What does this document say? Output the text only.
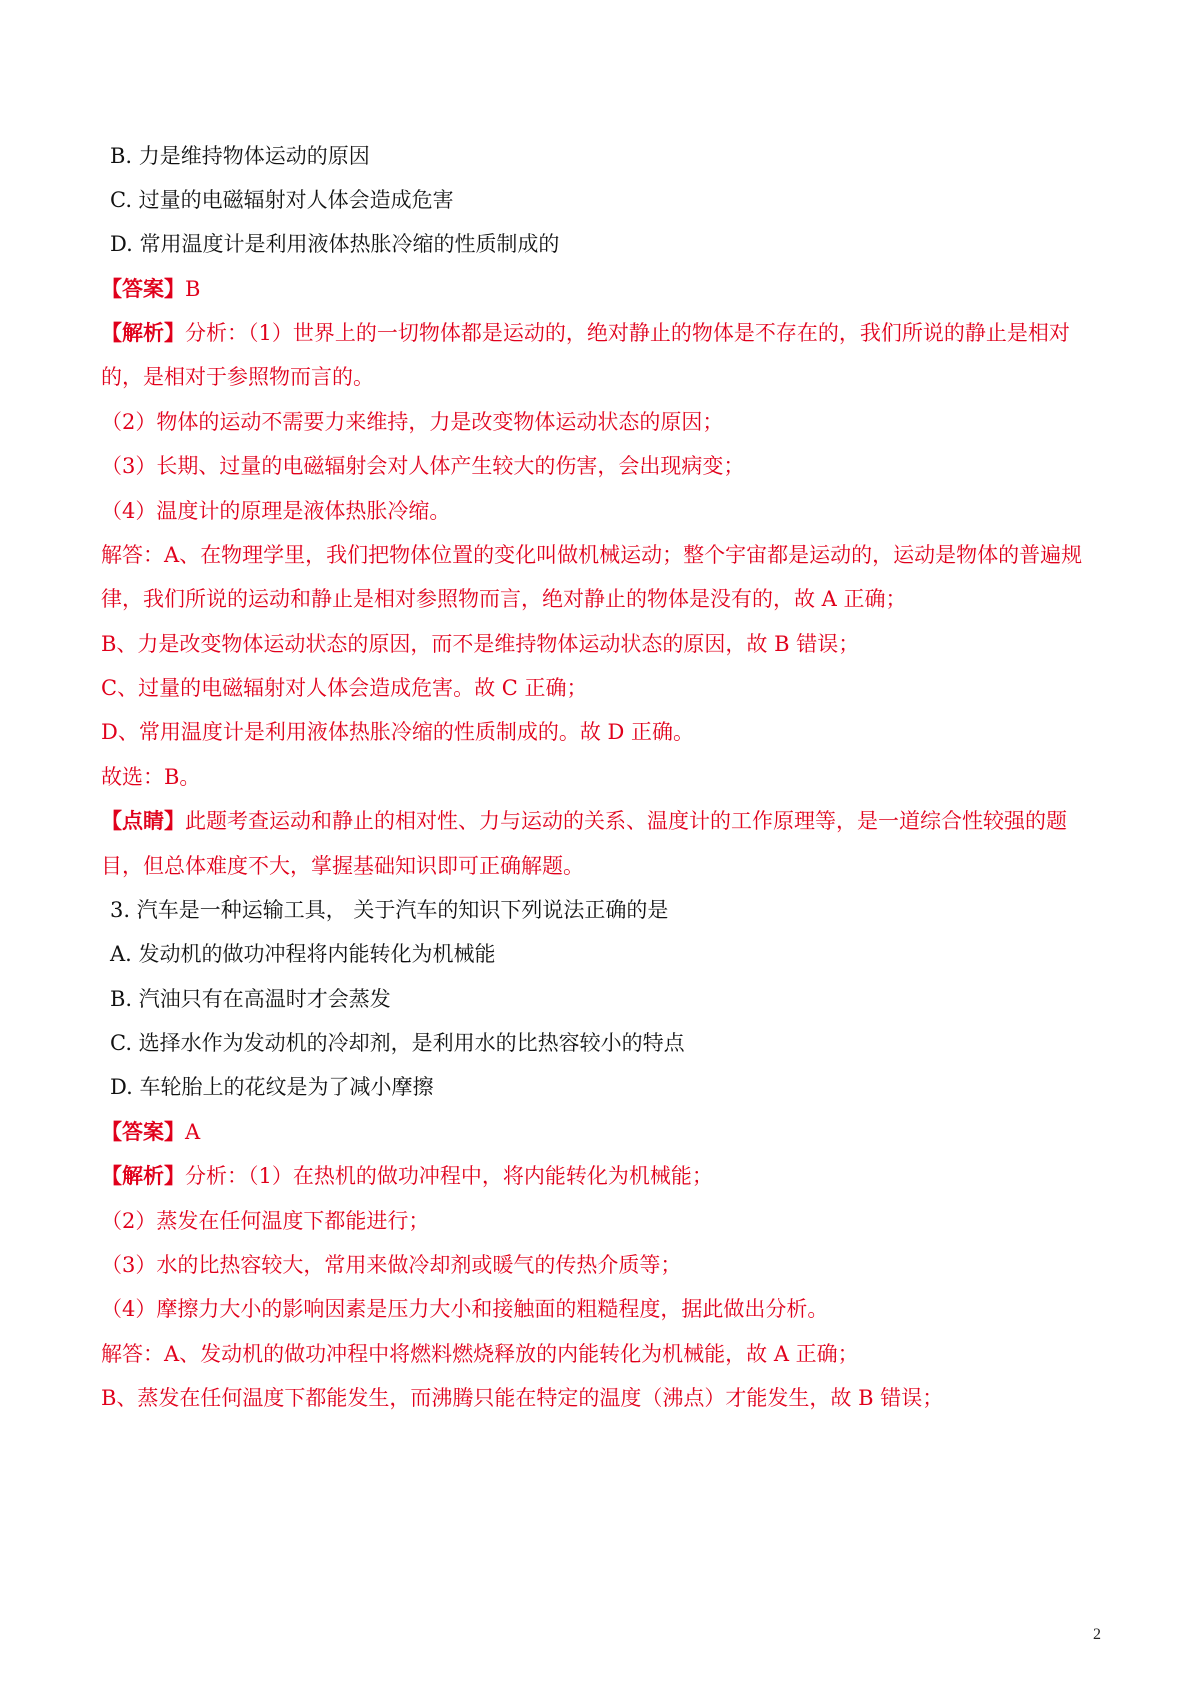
B. 力是维持物体运动的原因
C. 过量的电磁辐射对人体会造成危害
D. 常用温度计是利用液体热胀冷缩的性质制成的
【答案】B
【解析】分析：（1）世界上的一切物体都是运动的，绝对静止的物体是不存在的，我们所说的静止是相对
的，是相对于参照物而言的。
（2）物体的运动不需要力来维持，力是改变物体运动状态的原因；
（3）长期、过量的电磁辐射会对人体产生较大的伤害，会出现病变；
（4）温度计的原理是液体热胀冷缩。
解答：A、在物理学里，我们把物体位置的变化叫做机械运动；整个宇宙都是运动的，运动是物体的普遍规
律，我们所说的运动和静止是相对参照物而言，绝对静止的物体是没有的，故 A 正确；
B、力是改变物体运动状态的原因，而不是维持物体运动状态的原因，故 B 错误；
C、过量的电磁辐射对人体会造成危害。故 C 正确；
D、常用温度计是利用液体热胀冷缩的性质制成的。故 D 正确。
故选：B。
【点睛】此题考查运动和静止的相对性、力与运动的关系、温度计的工作原理等，是一道综合性较强的题
目，但总体难度不大，掌握基础知识即可正确解题。
3. 汽车是一种运输工具， 关于汽车的知识下列说法正确的是
A. 发动机的做功冲程将内能转化为机械能
B. 汽油只有在高温时才会蒸发
C. 选择水作为发动机的冷却剂，是利用水的比热容较小的特点
D. 车轮胎上的花纹是为了减小摩擦
【答案】A
【解析】分析：（1）在热机的做功冲程中，将内能转化为机械能；
（2）蒸发在任何温度下都能进行；
（3）水的比热容较大，常用来做冷却剂或暖气的传热介质等；
（4）摩擦力大小的影响因素是压力大小和接触面的粗糙程度，据此做出分析。
解答：A、发动机的做功冲程中将燃料燃烧释放的内能转化为机械能，故 A 正确；
B、蒸发在任何温度下都能发生，而沸腾只能在特定的温度（沸点）才能发生，故 B 错误；
2
